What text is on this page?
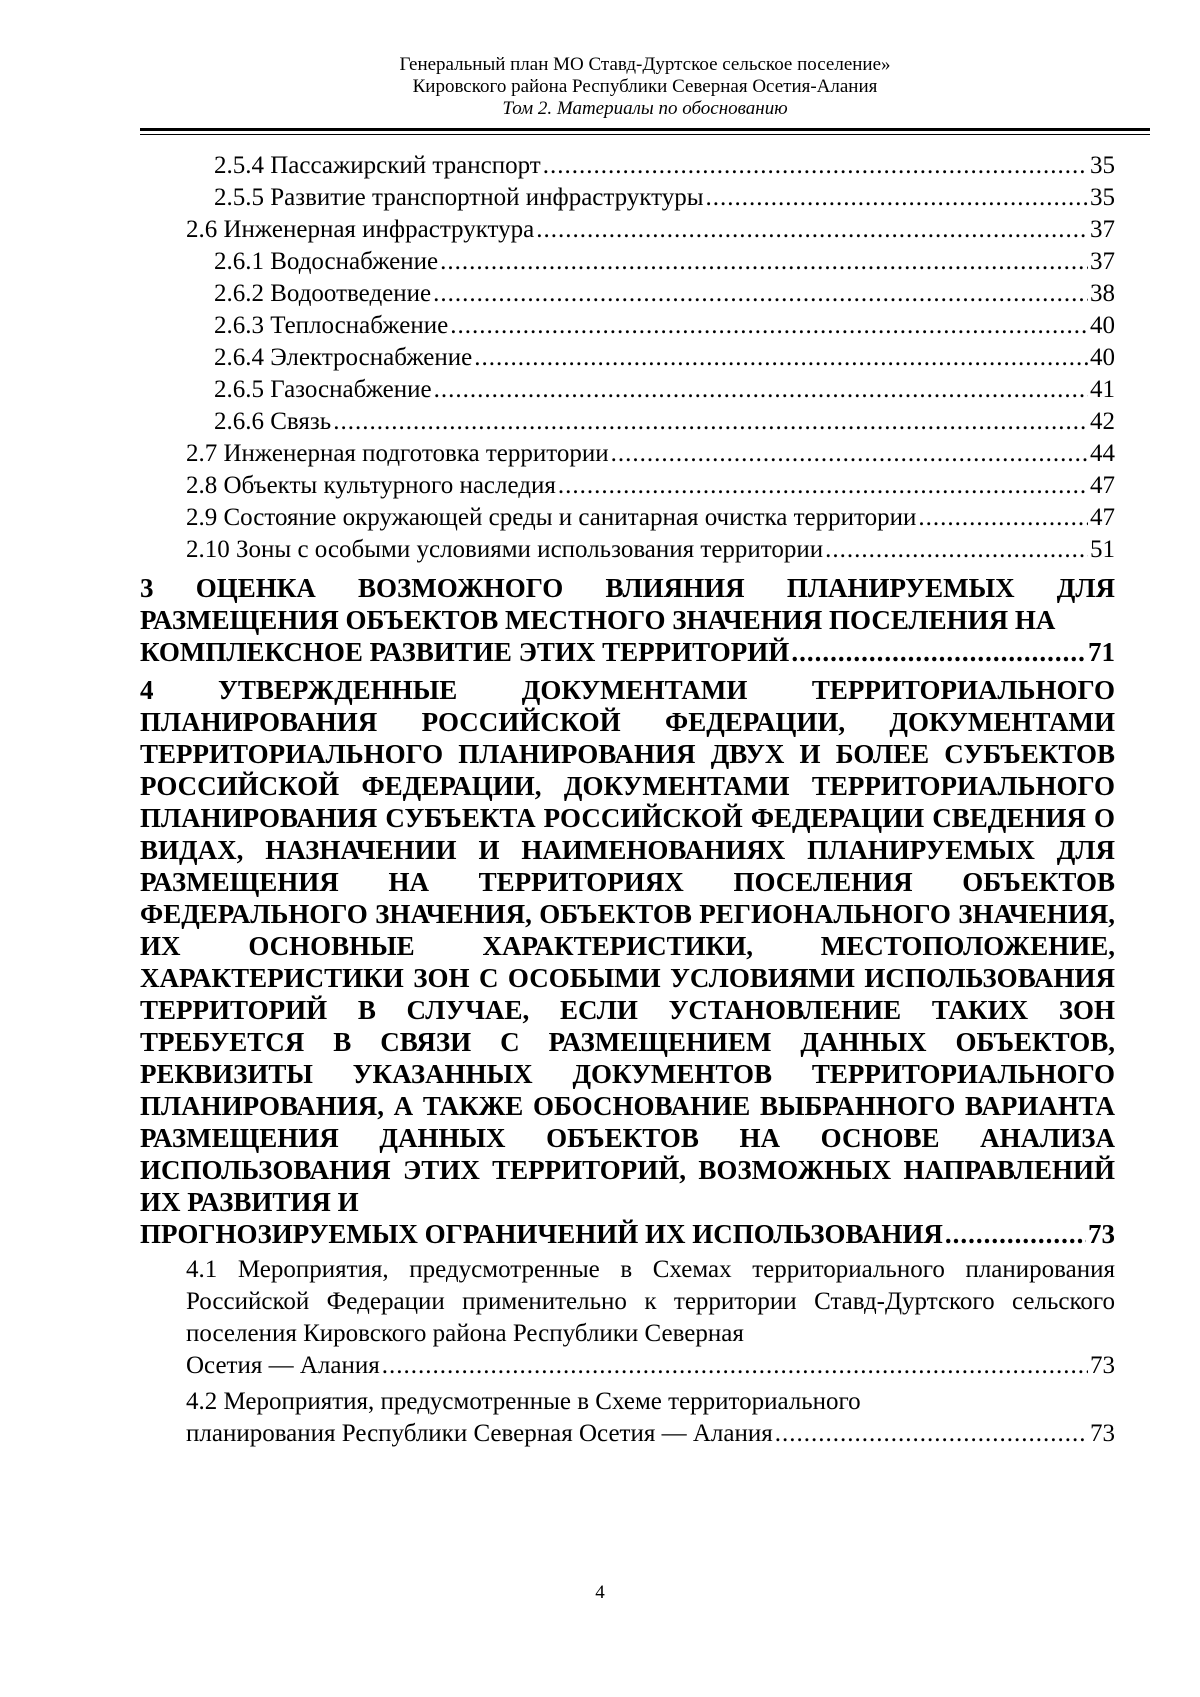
Генеральный план МО Ставд-Дуртское сельское поселение»
Кировского района Республики Северная Осетия-Алания
Том 2. Материалы по обоснованию
2.5.4 Пассажирский транспорт .....	35
2.5.5 Развитие транспортной инфраструктуры .....	35
2.6 Инженерная инфраструктура .....	37
2.6.1 Водоснабжение .....	37
2.6.2 Водоотведение .....	38
2.6.3 Теплоснабжение .....	40
2.6.4 Электроснабжение .....	40
2.6.5 Газоснабжение .....	41
2.6.6 Связь .....	42
2.7 Инженерная подготовка территории .....	44
2.8 Объекты культурного наследия .....	47
2.9 Состояние окружающей среды и санитарная очистка территории .....	47
2.10 Зоны с особыми условиями использования территории .....	51
3 ОЦЕНКА ВОЗМОЖНОГО ВЛИЯНИЯ ПЛАНИРУЕМЫХ ДЛЯ РАЗМЕЩЕНИЯ ОБЪЕКТОВ МЕСТНОГО ЗНАЧЕНИЯ ПОСЕЛЕНИЯ НА
КОМПЛЕКСНОЕ РАЗВИТИЕ ЭТИХ ТЕРРИТОРИЙ .....	71
4 УТВЕРЖДЕННЫЕ ДОКУМЕНТАМИ ТЕРРИТОРИАЛЬНОГО ПЛАНИРОВАНИЯ РОССИЙСКОЙ ФЕДЕРАЦИИ, ДОКУМЕНТАМИ ТЕРРИТОРИАЛЬНОГО ПЛАНИРОВАНИЯ ДВУХ И БОЛЕЕ СУБЪЕКТОВ РОССИЙСКОЙ ФЕДЕРАЦИИ, ДОКУМЕНТАМИ ТЕРРИТОРИАЛЬНОГО ПЛАНИРОВАНИЯ СУБЪЕКТА РОССИЙСКОЙ ФЕДЕРАЦИИ СВЕДЕНИЯ О ВИДАХ, НАЗНАЧЕНИИ И НАИМЕНОВАНИЯХ ПЛАНИРУЕМЫХ ДЛЯ РАЗМЕЩЕНИЯ НА ТЕРРИТОРИЯХ ПОСЕЛЕНИЯ ОБЪЕКТОВ ФЕДЕРАЛЬНОГО ЗНАЧЕНИЯ, ОБЪЕКТОВ РЕГИОНАЛЬНОГО ЗНАЧЕНИЯ, ИХ ОСНОВНЫЕ ХАРАКТЕРИСТИКИ, МЕСТОПОЛОЖЕНИЕ, ХАРАКТЕРИСТИКИ ЗОН С ОСОБЫМИ УСЛОВИЯМИ ИСПОЛЬЗОВАНИЯ ТЕРРИТОРИЙ В СЛУЧАЕ, ЕСЛИ УСТАНОВЛЕНИЕ ТАКИХ ЗОН ТРЕБУЕТСЯ В СВЯЗИ С РАЗМЕЩЕНИЕМ ДАННЫХ ОБЪЕКТОВ, РЕКВИЗИТЫ УКАЗАННЫХ ДОКУМЕНТОВ ТЕРРИТОРИАЛЬНОГО ПЛАНИРОВАНИЯ, А ТАКЖЕ ОБОСНОВАНИЕ ВЫБРАННОГО ВАРИАНТА РАЗМЕЩЕНИЯ ДАННЫХ ОБЪЕКТОВ НА ОСНОВЕ АНАЛИЗА ИСПОЛЬЗОВАНИЯ ЭТИХ ТЕРРИТОРИЙ, ВОЗМОЖНЫХ НАПРАВЛЕНИЙ ИХ РАЗВИТИЯ И
ПРОГНОЗИРУЕМЫХ ОГРАНИЧЕНИЙ ИХ ИСПОЛЬЗОВАНИЯ .....	73
4.1 Мероприятия, предусмотренные в Схемах территориального планирования Российской Федерации применительно к территории Ставд-Дуртского сельского поселения Кировского района Республики Северная
Осетия — Алания .....	73
4.2 Мероприятия, предусмотренные в Схеме территориального
планирования Республики Северная Осетия — Алания .....	73
4
